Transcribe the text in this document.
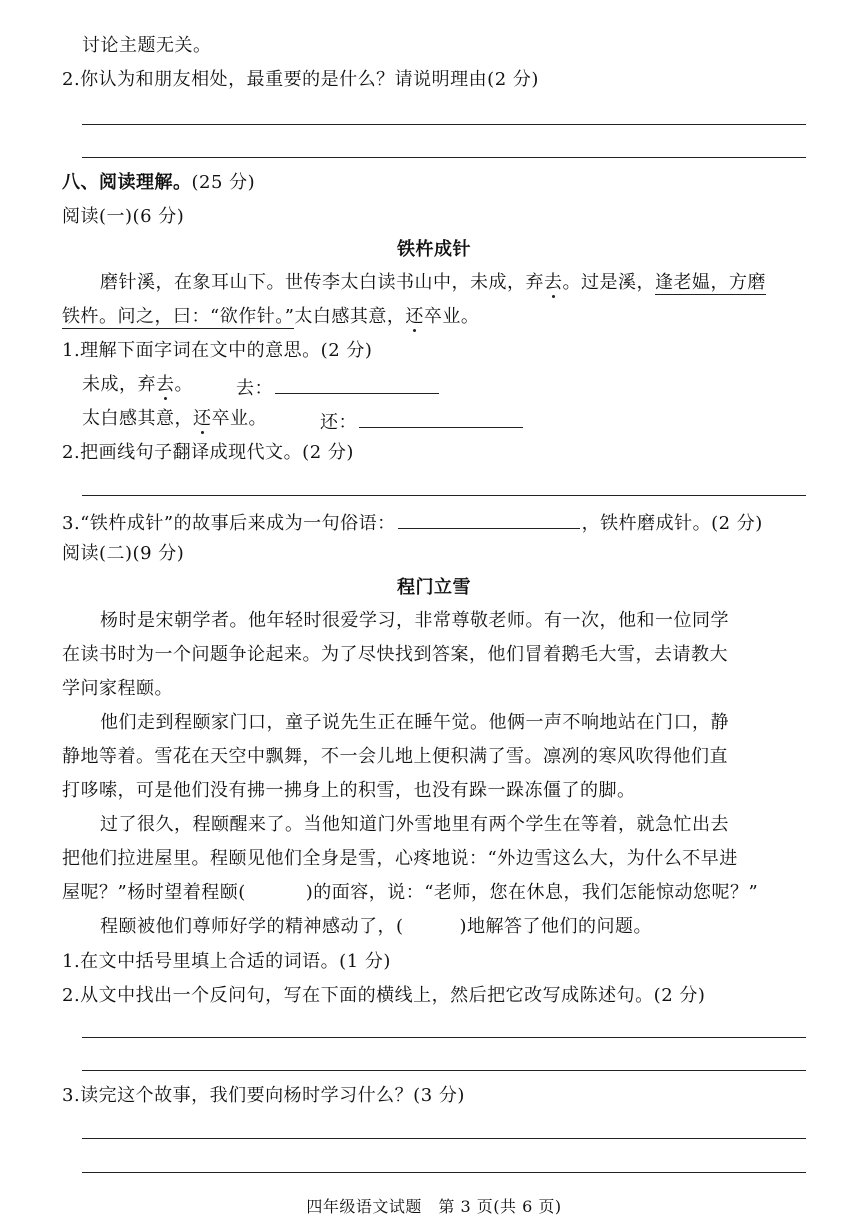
讨论主题无关。
2.你认为和朋友相处，最重要的是什么？请说明理由(2 分)
八、阅读理解。(25 分)
阅读(一)(6 分)
铁杵成针
磨针溪，在象耳山下。世传李太白读书山中，未成，弃去。过是溪，逢老媪，方磨
铁杵。问之，曰：“欲作针。”太白感其意，还卒业。
1.理解下面字词在文中的意思。(2 分)
未成，弃去。 去：
太白感其意，还卒业。	还：
2.把画线句子翻译成现代文。(2 分)
3.“铁杵成针”的故事后来成为一句俗语：	，铁杵磨成针。(2 分)
阅读(二)(9 分)
程门立雪
杨时是宋朝学者。他年轻时很爱学习，非常尊敬老师。有一次，他和一位同学
在读书时为一个问题争论起来。为了尽快找到答案，他们冒着鹅毛大雪，去请教大
学问家程颐。
他们走到程颐家门口，童子说先生正在睡午觉。他俩一声不响地站在门口，静
静地等着。雪花在天空中飘舞，不一会儿地上便积满了雪。凛冽的寒风吹得他们直
打哆嗦，可是他们没有拂一拂身上的积雪，也没有跺一跺冻僵了的脚。
过了很久，程颐醒来了。当他知道门外雪地里有两个学生在等着，就急忙出去
把他们拉进屋里。程颐见他们全身是雪，心疼地说：“外边雪这么大，为什么不早进
屋呢？”杨时望着程颐(	)的面容，说：“老师，您在休息，我们怎能惊动您呢？”
程颐被他们尊师好学的精神感动了，(	)地解答了他们的问题。
1.在文中括号里填上合适的词语。(1 分)
2.从文中找出一个反问句，写在下面的横线上，然后把它改写成陈述句。(2 分)
3.读完这个故事，我们要向杨时学习什么？(3 分)
四年级语文试题　第 3 页(共 6 页)
